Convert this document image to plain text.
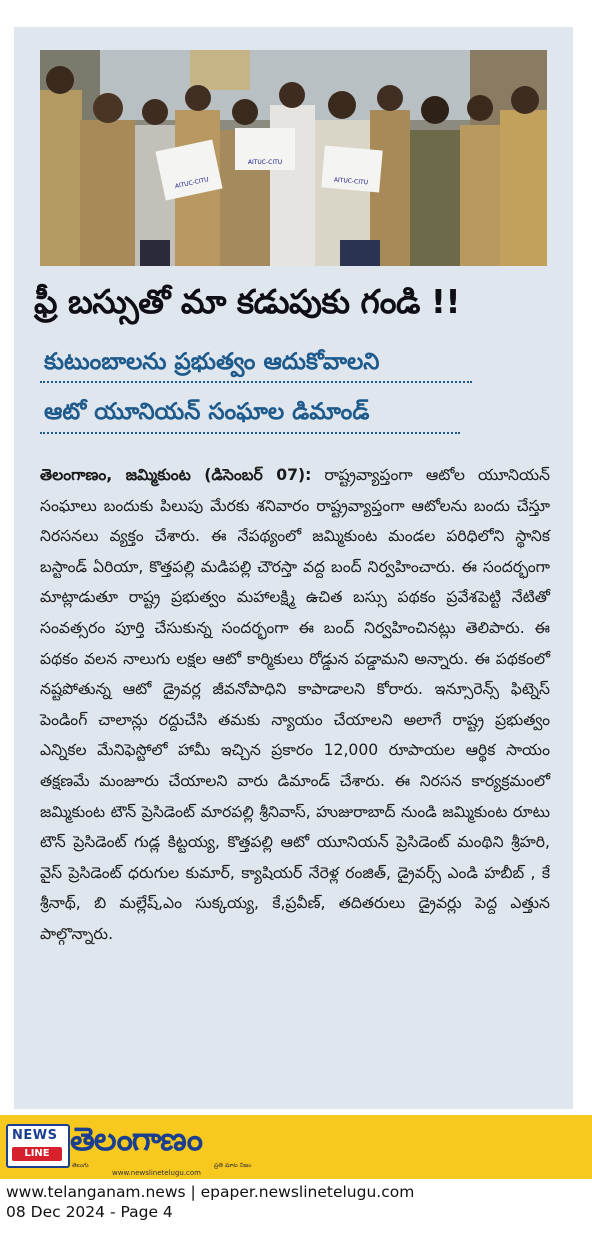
AITUC-CITU
AITUC-CITU
AITUC-CITU
ఫ్రీ బస్సుతో మా కడుపుకు గండి !!
కుటుంబాలను ప్రభుత్వం ఆదుకోవాలని
ఆటో యూనియన్ సంఘాల డిమాండ్
తెలంగాణం, జమ్మికుంట (డిసెంబర్ 07): రాష్ట్రవ్యాప్తంగా ఆటోల యూనియన్ సంఘాలు బందుకు పిలుపు మేరకు శనివారం రాష్ట్రవ్యాప్తంగా ఆటోలను బందు చేస్తూ నిరసనలు వ్యక్తం చేశారు. ఈ నేపథ్యంలో జమ్మికుంట మండల పరిధిలోని స్థానిక బస్టాండ్ ఏరియా, కొత్తపల్లి మడిపల్లి చౌరస్తా వద్ద బంద్ నిర్వహించారు. ఈ సందర్భంగా మాట్లాడుతూ రాష్ట్ర ప్రభుత్వం మహాలక్ష్మి ఉచిత బస్సు పథకం ప్రవేశపెట్టి నేటితో సంవత్సరం పూర్తి చేసుకున్న సందర్భంగా ఈ బంద్ నిర్వహించినట్లు తెలిపారు. ఈ పథకం వలన నాలుగు లక్షల ఆటో కార్మికులు రోడ్డున పడ్డామని అన్నారు. ఈ పథకంలో నష్టపోతున్న ఆటో డ్రైవర్ల జీవనోపాధిని కాపాడాలని కోరారు. ఇన్సూరెన్స్ ఫిట్నెస్ పెండింగ్ చాలాన్లు రద్దుచేసి తమకు న్యాయం చేయాలని అలాగే రాష్ట్ర ప్రభుత్వం ఎన్నికల మేనిఫెస్టోలో హామీ ఇచ్చిన ప్రకారం 12,000 రూపాయల ఆర్థిక సాయం తక్షణమే మంజూరు చేయాలని వారు డిమాండ్ చేశారు. ఈ నిరసన కార్యక్రమంలో జమ్మికుంట టౌన్ ప్రెసిడెంట్ మారపల్లి శ్రీనివాస్, హుజురాబాద్ నుండి జమ్మికుంట రూటు టౌన్ ప్రెసిడెంట్ గుడ్ల కిట్టయ్య, కొత్తపల్లి ఆటో యూనియన్ ప్రెసిడెంట్ మంథిని శ్రీహరి, వైస్ ప్రెసిడెంట్ ధరుగుల కుమార్, క్యాషియర్ నేరెళ్ల రంజిత్, డ్రైవర్స్ ఎండి హబీబ్ , కే శ్రీనాథ్, బి మల్లేష్,ఎం సుక్కయ్య, కే,ప్రవీణ్, తదితరులు డ్రైవర్లు పెద్ద ఎత్తున పాల్గొన్నారు.
NEWS
LINE
తెలుగు
తెలంగాణం
www.newslinetelugu.com
ప్రతి మాట నిజం
www.telanganam.news | epaper.newslinetelugu.com
08 Dec 2024 - Page 4
